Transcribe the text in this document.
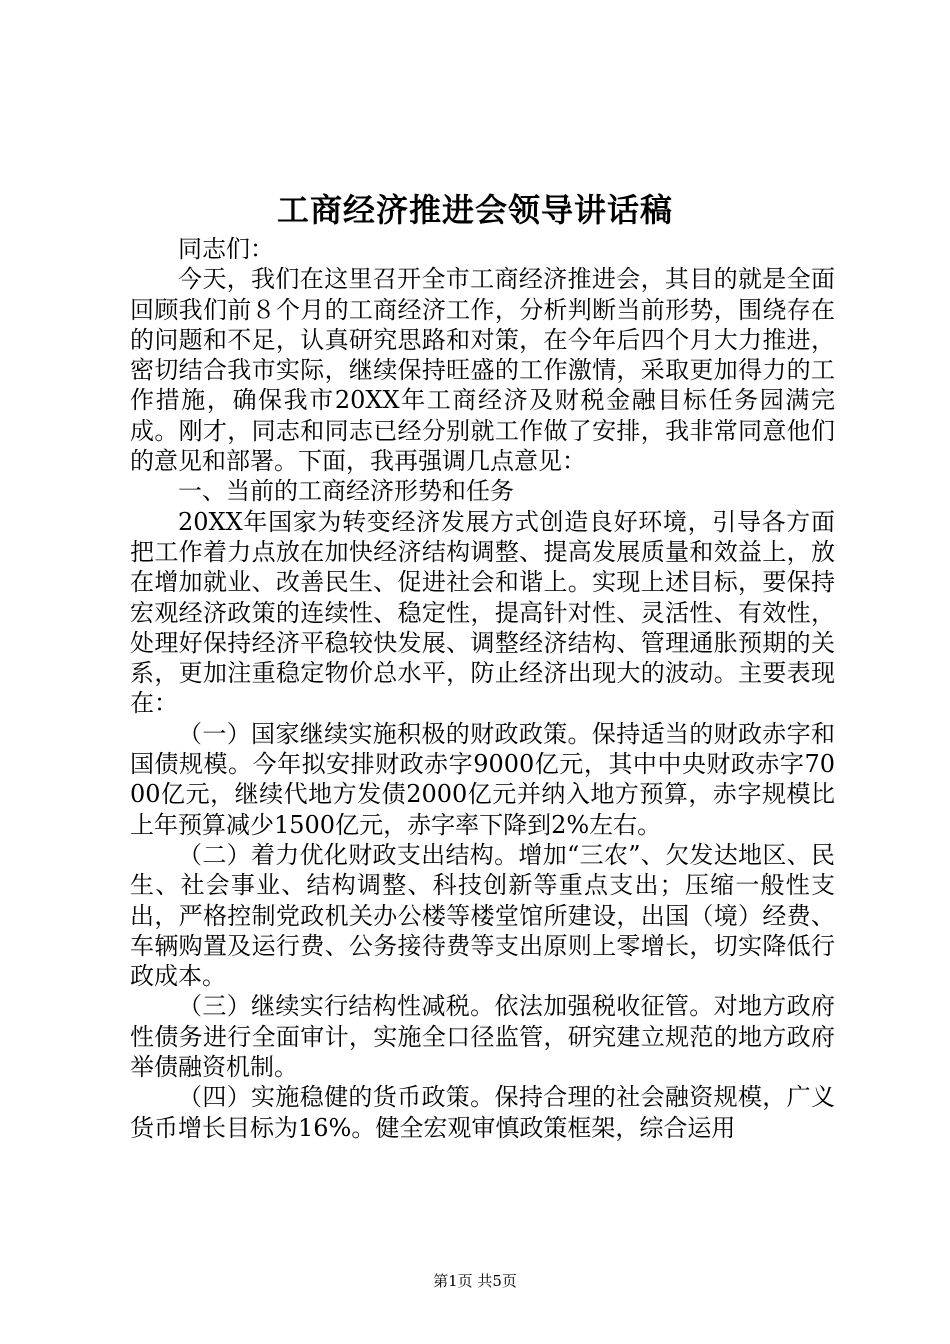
工商经济推进会领导讲话稿

同志们：

今天，我们在这里召开全市工商经济推进会，其目的就是全面回顾我们前８个月的工商经济工作，分析判断当前形势，围绕存在的问题和不足，认真研究思路和对策，在今年后四个月大力推进，密切结合我市实际，继续保持旺盛的工作激情，采取更加得力的工作措施，确保我市20XX年工商经济及财税金融目标任务园满完成。刚才，同志和同志已经分别就工作做了安排，我非常同意他们的意见和部署。下面，我再强调几点意见：

一、当前的工商经济形势和任务

20XX年国家为转变经济发展方式创造良好环境，引导各方面把工作着力点放在加快经济结构调整、提高发展质量和效益上，放在增加就业、改善民生、促进社会和谐上。实现上述目标，要保持宏观经济政策的连续性、稳定性，提高针对性、灵活性、有效性，处理好保持经济平稳较快发展、调整经济结构、管理通胀预期的关系，更加注重稳定物价总水平，防止经济出现大的波动。主要表现在：

（一）国家继续实施积极的财政政策。保持适当的财政赤字和国债规模。今年拟安排财政赤字9000亿元，其中中央财政赤字7000亿元，继续代地方发债2000亿元并纳入地方预算，赤字规模比上年预算减少1500亿元，赤字率下降到2%左右。

（二）着力优化财政支出结构。增加“三农”、欠发达地区、民生、社会事业、结构调整、科技创新等重点支出；压缩一般性支出，严格控制党政机关办公楼等楼堂馆所建设，出国（境）经费、车辆购置及运行费、公务接待费等支出原则上零增长，切实降低行政成本。

（三）继续实行结构性减税。依法加强税收征管。对地方政府性债务进行全面审计，实施全口径监管，研究建立规范的地方政府举债融资机制。

（四）实施稳健的货币政策。保持合理的社会融资规模，广义货币增长目标为16%。健全宏观审慎政策框架，综合运用

第1页 共5页
